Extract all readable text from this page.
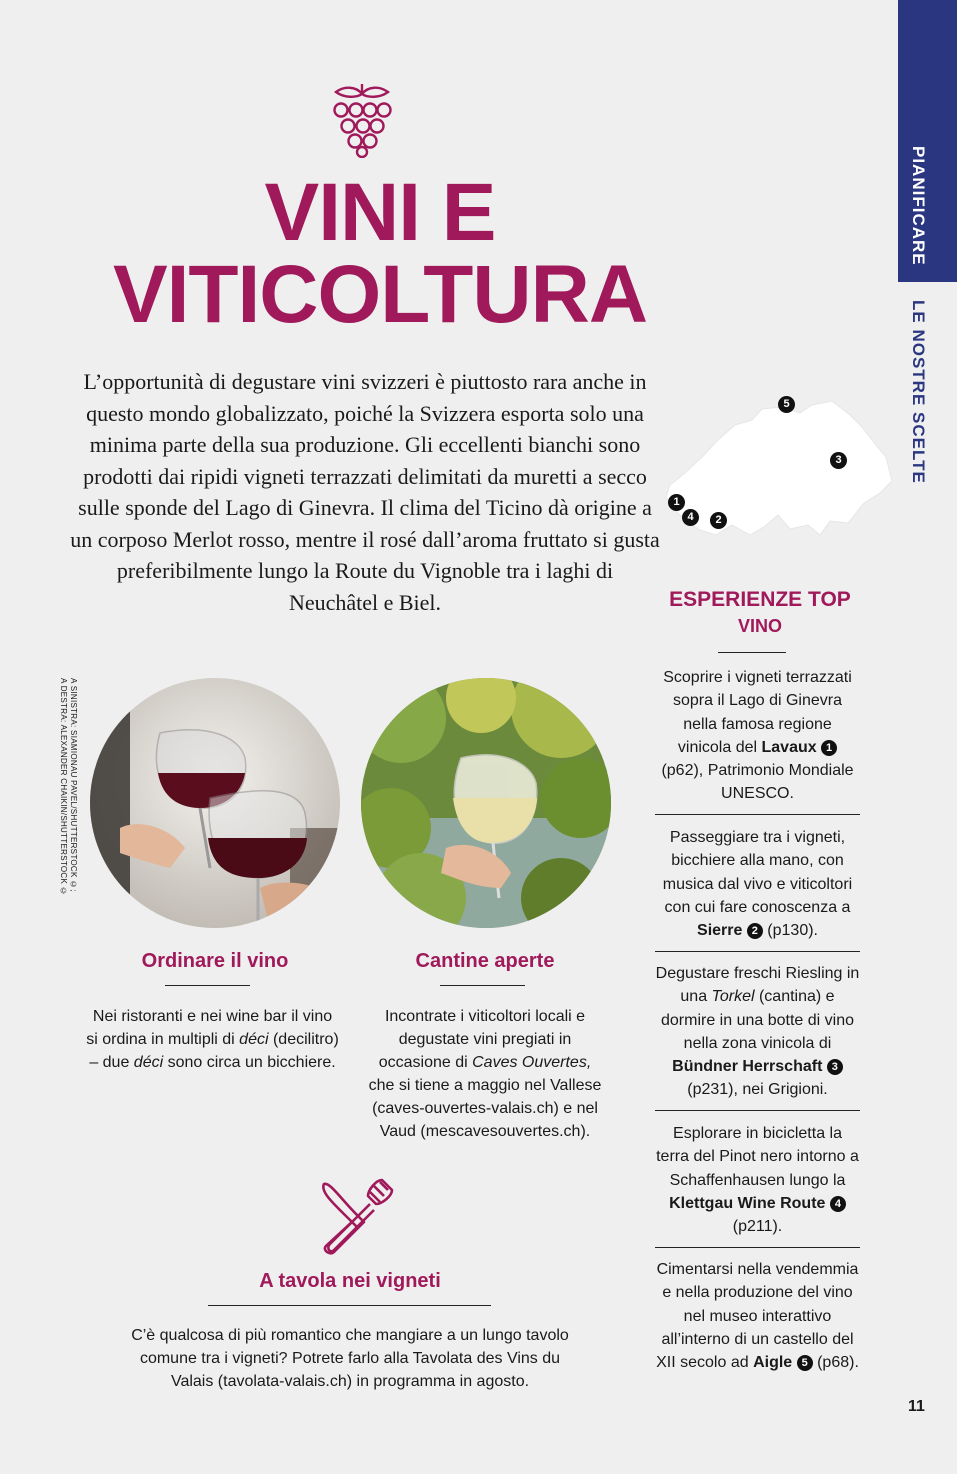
PIANIFICARE
LE NOSTRE SCELTE
VINI E
VITICOLTURA
L’opportunità di degustare vini svizzeri è piuttosto rara anche in questo mondo globalizzato, poiché la Svizzera esporta solo una minima parte della sua produzione. Gli eccellenti bianchi sono prodotti dai ripidi vigneti terrazzati delimitati da muretti a secco sulle sponde del Lago di Ginevra. Il clima del Ticino dà origine a un corposo Merlot rosso, mentre il rosé dall’aroma fruttato si gusta preferibilmente lungo la Route du Vignoble tra i laghi di Neuchâtel e Biel.
A SINISTRA: SIAMIONAU PAVEL/SHUTTERSTOCK ©;
A DESTRA: ALEXANDER CHAIKIN/SHUTTERSTOCK ©
Ordinare il vino
Nei ristoranti e nei wine bar il vino si ordina in multipli di déci (decilitro) – due déci sono circa un bicchiere.
Cantine aperte
Incontrate i viticoltori locali e degustate vini pregiati in occasione di Caves Ouvertes, che si tiene a maggio nel Vallese (caves-ouvertes-valais.ch) e nel Vaud (mescavesouvertes.ch).
A tavola nei vigneti
C’è qualcosa di più romantico che mangiare a un lungo tavolo comune tra i vigneti? Potrete farlo alla Tavolata des Vins du Valais (tavolata-valais.ch) in programma in agosto.
1
2
3
4
5
ESPERIENZE TOP
VINO
Scoprire i vigneti terrazzati sopra il Lago di Ginevra nella famosa regione vinicola del Lavaux 1 (p62), Patrimonio Mondiale UNESCO.
Passeggiare tra i vigneti, bicchiere alla mano, con musica dal vivo e viticoltori con cui fare conoscenza a Sierre 2 (p130).
Degustare freschi Riesling in una Torkel (cantina) e dormire in una botte di vino nella zona vinicola di Bündner Herrschaft 3 (p231), nei Grigioni.
Esplorare in bicicletta la terra del Pinot nero intorno a Schaffenhausen lungo la Klettgau Wine Route 4 (p211).
Cimentarsi nella vendemmia e nella produzione del vino nel museo interattivo all’interno di un castello del XII secolo ad Aigle 5 (p68).
11
